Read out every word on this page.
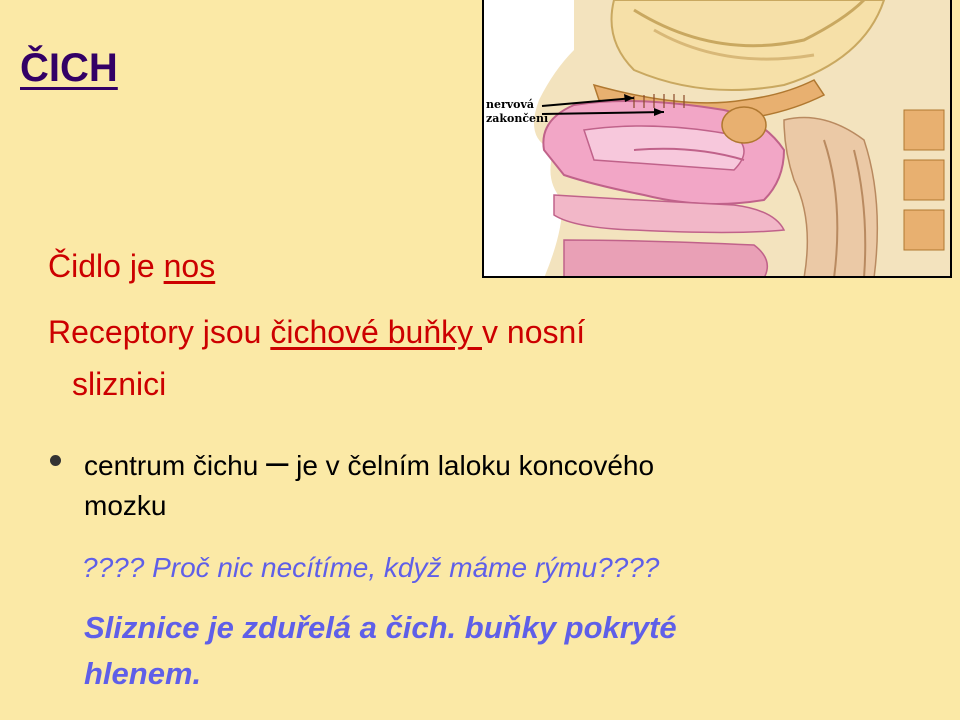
ČICH
nervová
zakončení
Čidlo je nos
Receptory jsou čichové buňky v nosní
sliznici
centrum čichu – je v čelním laloku koncového
mozku
???? Proč nic necítíme, když máme rýmu????
Sliznice je zduřelá a čich. buňky pokryté
hlenem.
